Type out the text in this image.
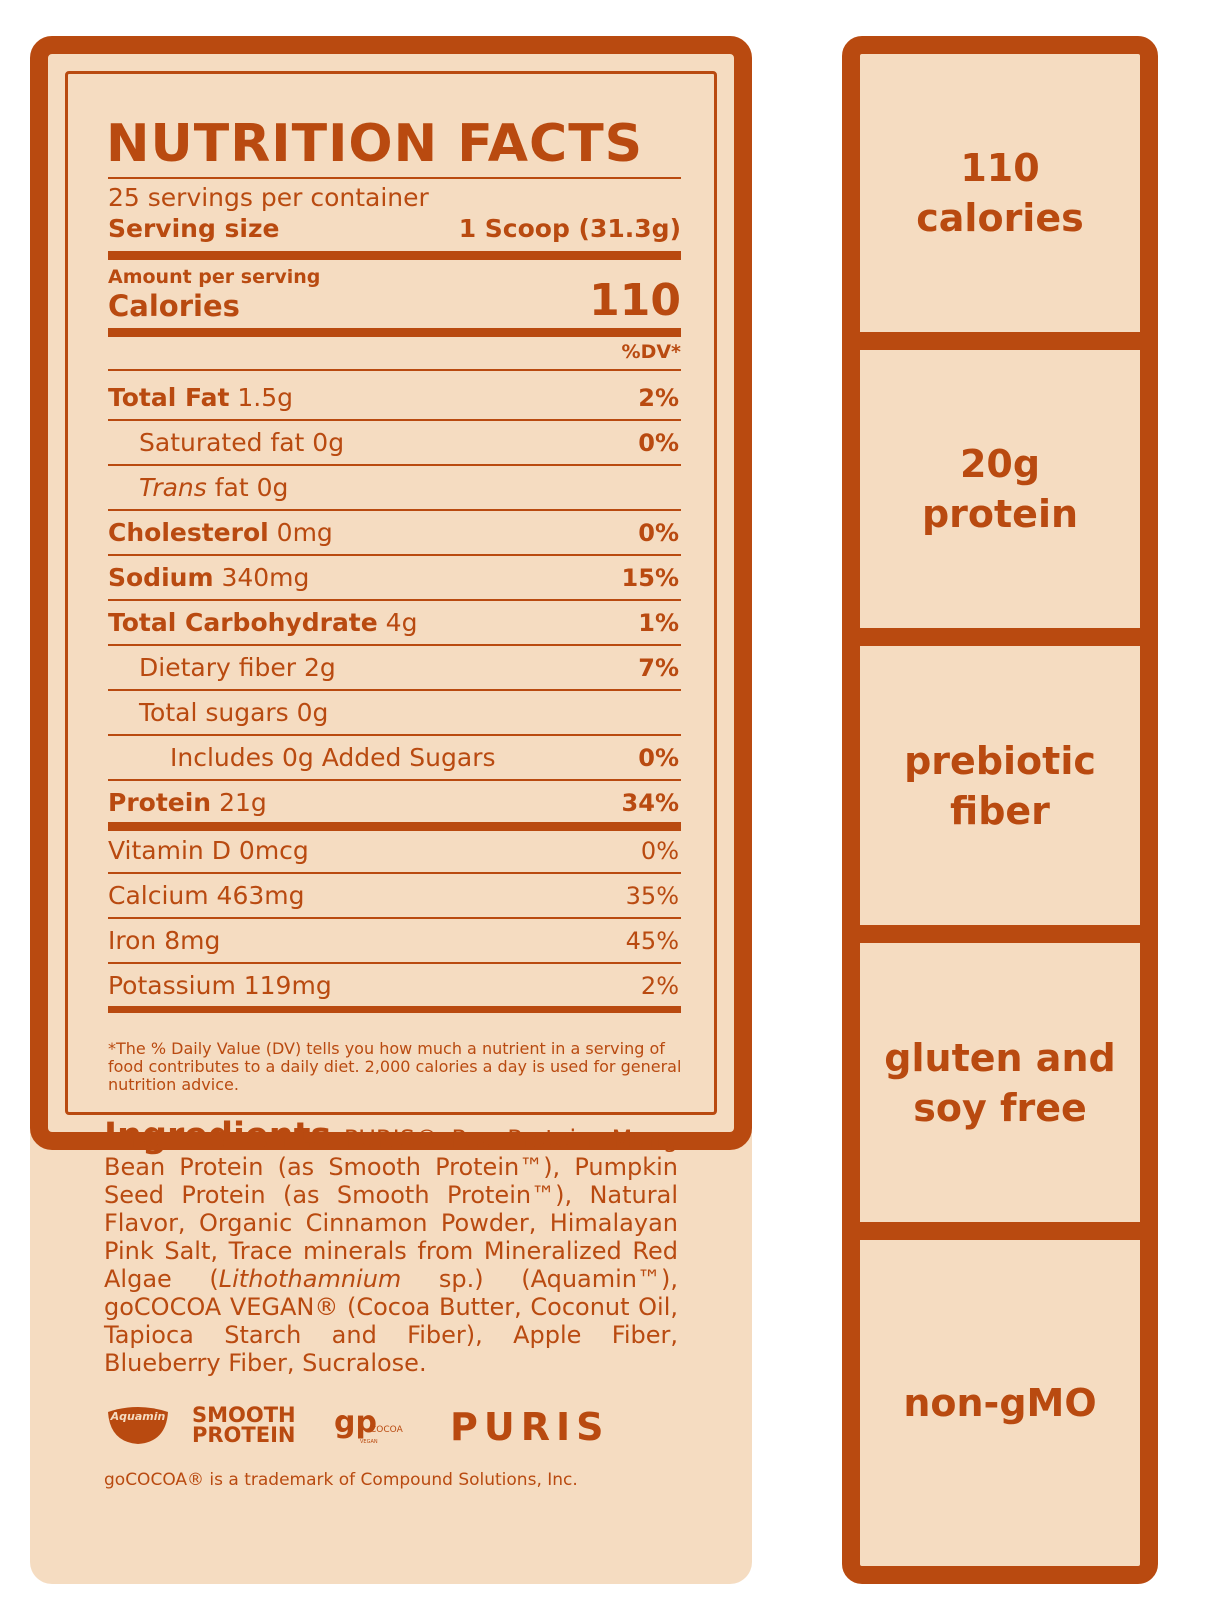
NUTRITION FACTS
25 servings per container
Serving size	1 Scoop (31.3g)
Amount per serving
Calories	110
%DV*
Total Fat 1.5g	2%
Saturated fat 0g	0%
Trans fat 0g
Cholesterol 0mg	0%
Sodium 340mg	15%
Total Carbohydrate 4g	1%
Dietary fiber 2g	7%
Total sugars 0g
Includes 0g Added Sugars	0%
Protein 21g	34%
Vitamin D 0mcg	0%
Calcium 463mg	35%
Iron 8mg	45%
Potassium 119mg	2%
*The % Daily Value (DV) tells you how much a nutrient in a serving of food contributes to a daily diet. 2,000 calories a day is used for general nutrition advice.
Ingredients PURIS® Pea Protein, Mung Bean Protein (as Smooth Protein™), Pumpkin Seed Protein (as Smooth Protein™), Natural Flavor, Organic Cinnamon Powder, Himalayan Pink Salt, Trace minerals from Mineralized Red Algae (Lithothamnium sp.) (Aquamin™), goCOCOA VEGAN® (Cocoa Butter, Coconut Oil, Tapioca Starch and Fiber), Apple Fiber, Blueberry Fiber, Sucralose.
Aquamin SMOOTH
PROTEIN gp
COCOA
VEGAN PURIS
goCOCOA® is a trademark of Compound Solutions, Inc.
110
calories
20g
protein
prebiotic
fiber
gluten and
soy free
non-gMO
